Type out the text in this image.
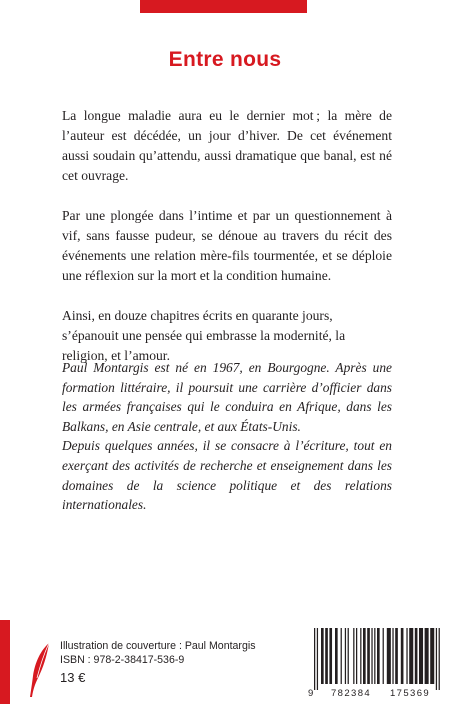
Entre nous

La longue maladie aura eu le dernier mot ; la mère de l’auteur est décédée, un jour d’hiver. De cet événement aussi soudain qu’attendu, aussi dramatique que banal, est né cet ouvrage.

Par une plongée dans l’intime et par un questionnement à vif, sans fausse pudeur, se dénoue au travers du récit des événements une relation mère-fils tourmentée, et se déploie une réflexion sur la mort et la condition humaine.

Ainsi, en douze chapitres écrits en quarante jours, s’épanouit une pensée qui embrasse la modernité, la religion, et l’amour.

Paul Montargis est né en 1967, en Bourgogne. Après une formation littéraire, il poursuit une carrière d’officier dans les armées françaises qui le conduira en Afrique, dans les Balkans, en Asie centrale, et aux États-Unis.

Depuis quelques années, il se consacre à l’écriture, tout en exerçant des activités de recherche et enseignement dans les domaines de la science politique et des relations internationales.

Illustration de couverture : Paul Montargis
ISBN : 978-2-38417-536-9
13 €
9 782384 175369
